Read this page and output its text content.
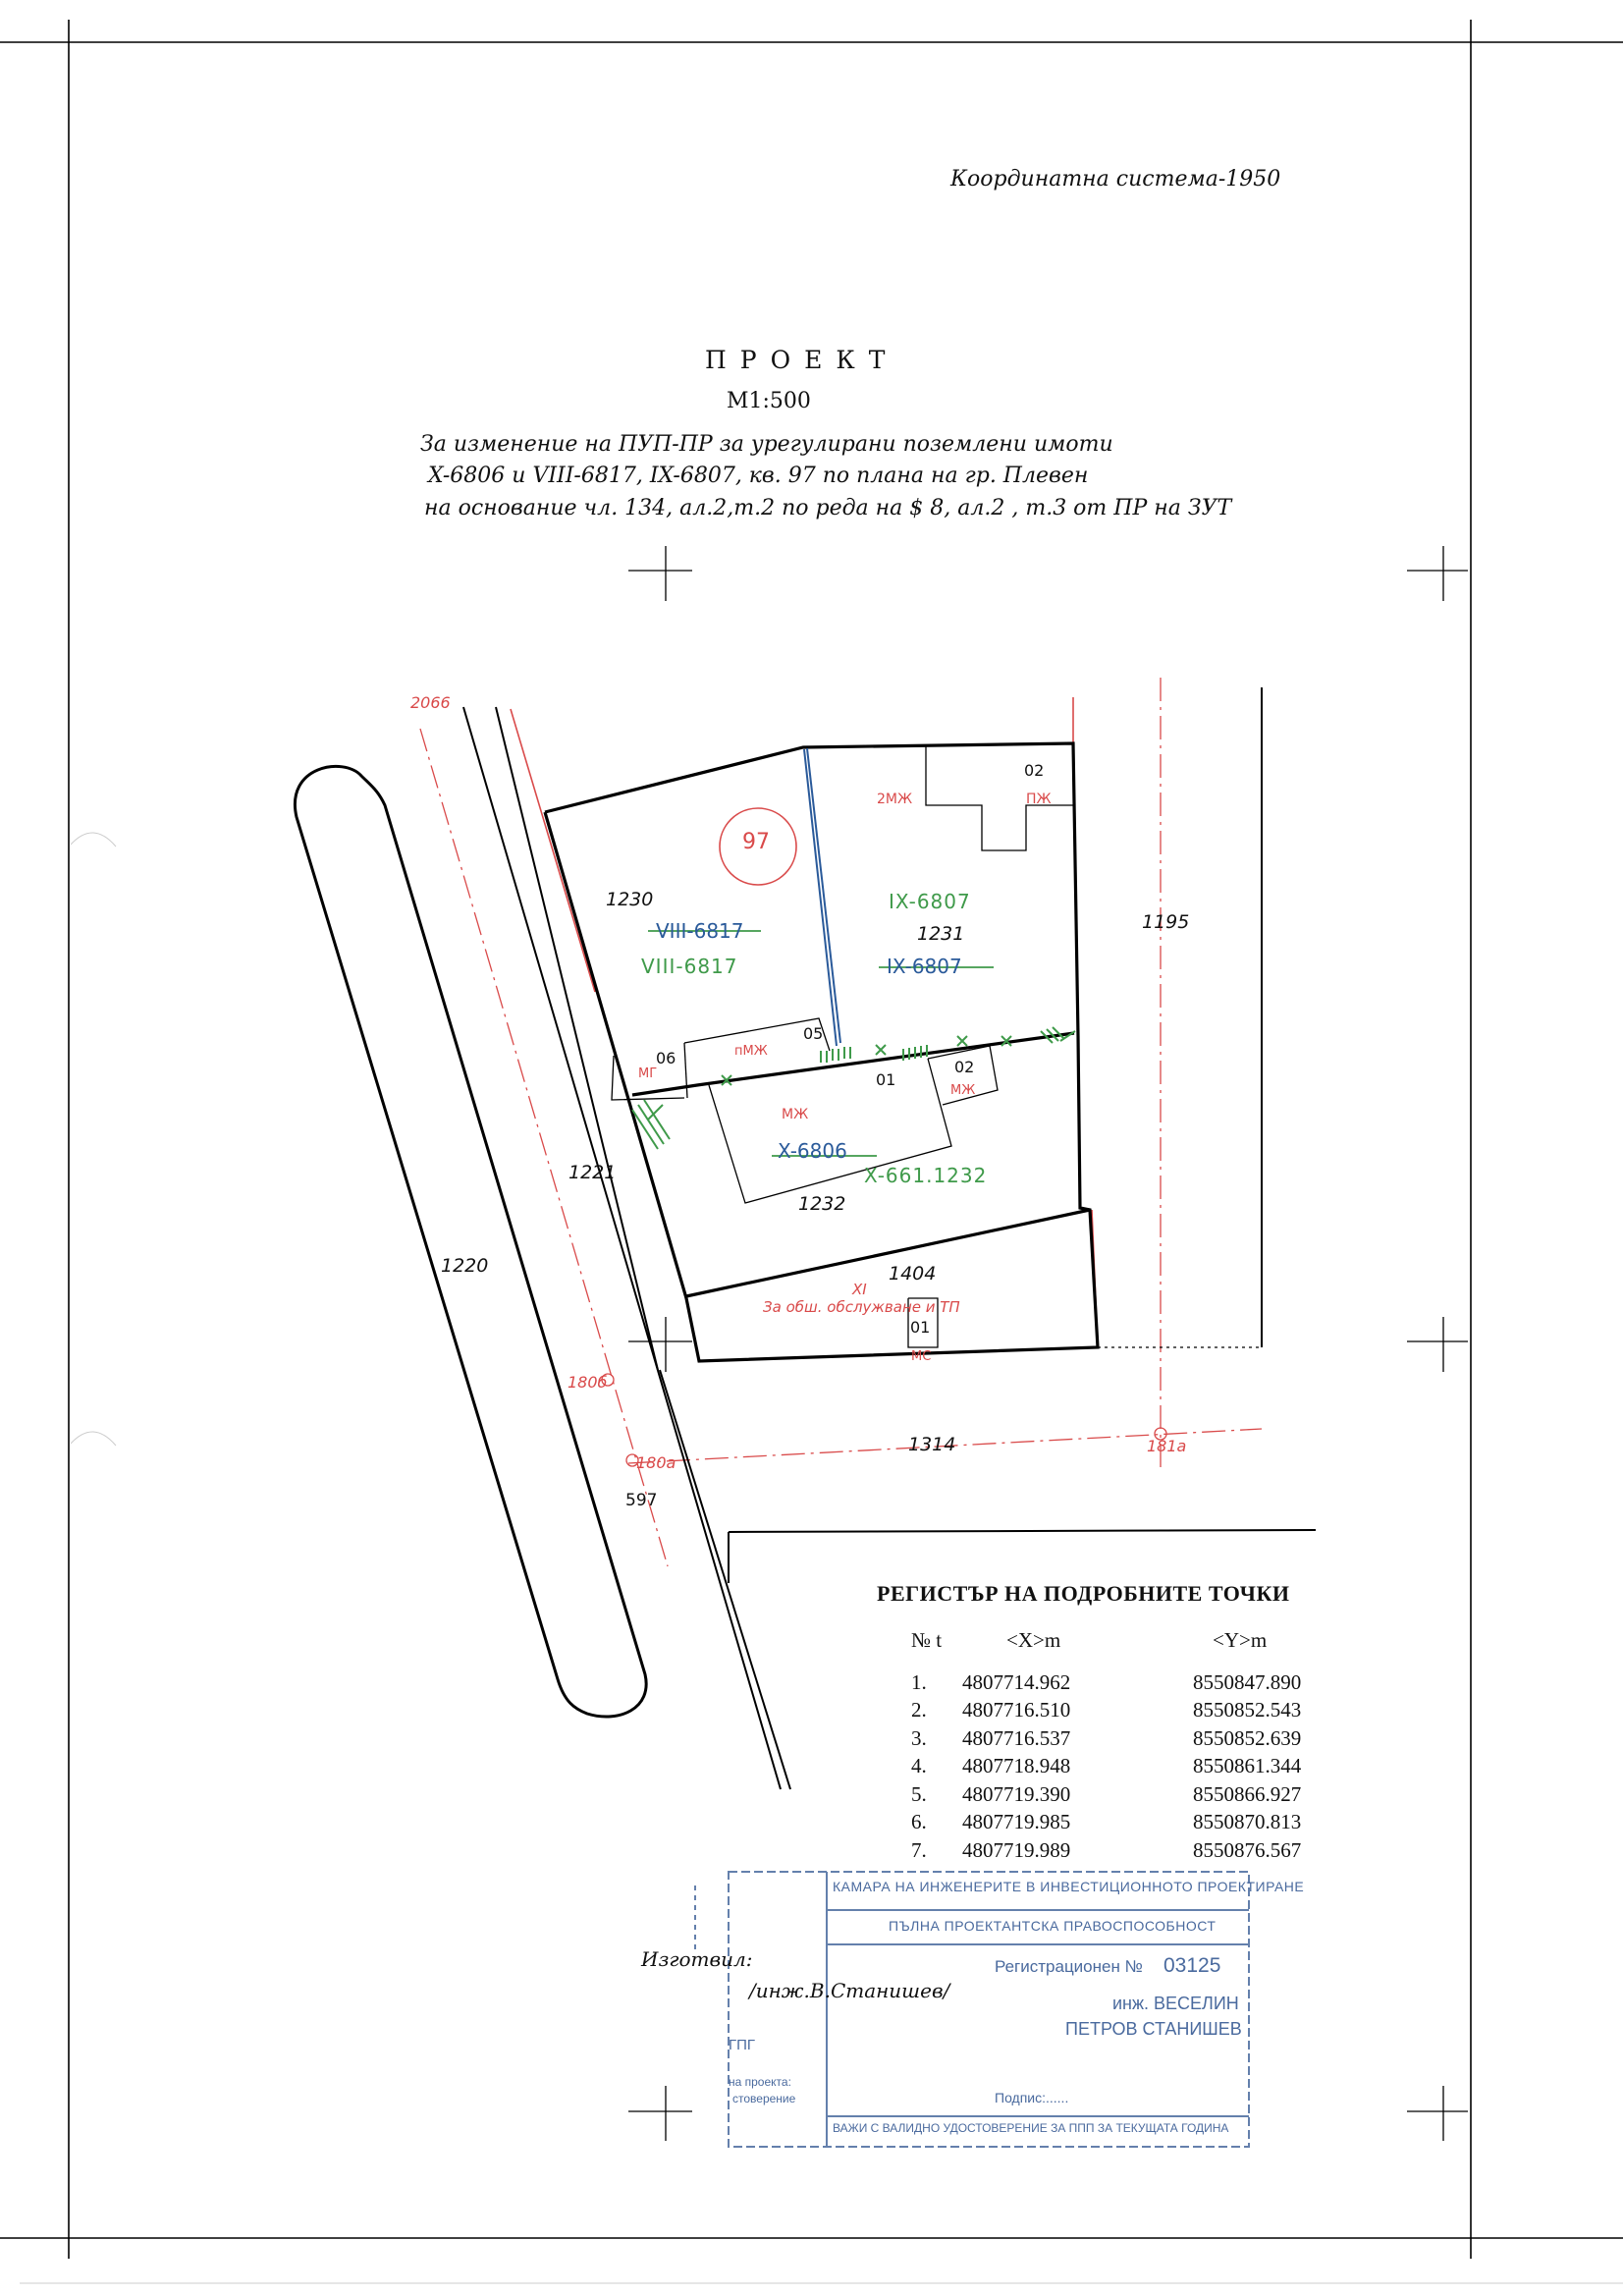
Координатна система-1950
ПРОЕКТ
M1:500
За изменение на ПУП-ПР за урегулирани поземлени имоти
X-6806 и VIII-6817, IX-6807, кв. 97 по плана на гр. Плевен
на основание чл. 134, ал.2,т.2 по реда на $ 8, ал.2 , т.3 от ПР на ЗУТ
97
1230
VIII-6817
VIII-6817
IX-6807
1231
IX-6807
02
2МЖ	ПЖ
1195
05
06
МГ
пМЖ
01
02
МЖ
МЖ
X-6806
X-661.1232
1232
1221
1220	1404
XI
За обш. обслужване и ТП
01
МС
2066
180б
180а
181а
1314
597
РЕГИСТЪР НА ПОДРОБНИТЕ ТОЧКИ
№ t	<X>m	<Y>m
1.	4807714.962	8550847.890
2.	4807716.510	8550852.543
3.	4807716.537	8550852.639
4.	4807718.948	8550861.344
5.	4807719.390	8550866.927
6.	4807719.985	8550870.813
7.	4807719.989	8550876.567
КАМАРА НА ИНЖЕНЕРИТЕ В ИНВЕСТИЦИОННОТО ПРОЕКТИРАНЕ
ПЪЛНА ПРОЕКТАНТСКА ПРАВОСПОСОБНОСТ
Регистрационен № 03125
инж. ВЕСЕЛИН
ПЕТРОВ СТАНИШЕВ
ГПГ
на проекта:
стоверение	Подпис:......
ВАЖИ С ВАЛИДНО УДОСТОВЕРЕНИЕ ЗА ППП ЗА ТЕКУЩАТА ГОДИНА
Изготвил:
/инж.В.Станишев/
